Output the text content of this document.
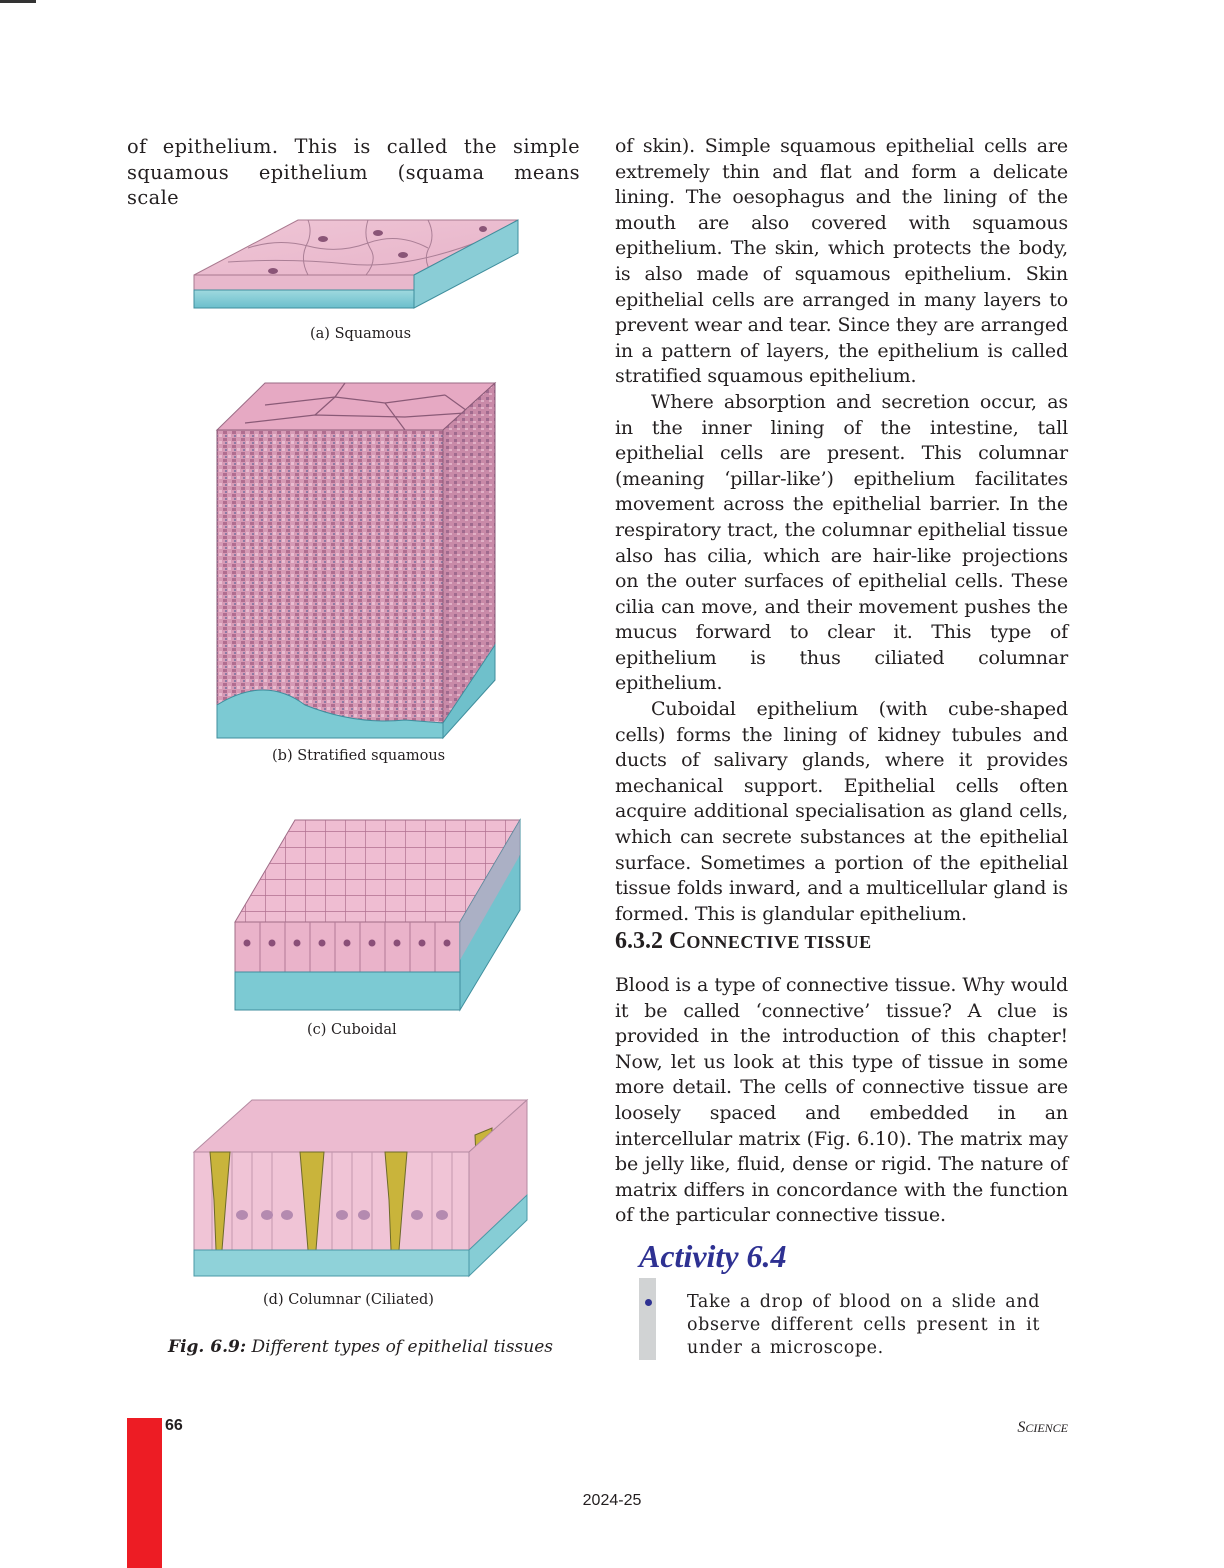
of epithelium. This is called the simple squamous epithelium (squama means scale

(a) Squamous
(b) Stratified squamous
(c) Cuboidal
(d) Columnar (Ciliated)
Fig. 6.9: Different types of epithelial tissues

of skin). Simple squamous epithelial cells are extremely thin and flat and form a delicate lining. The oesophagus and the lining of the mouth are also covered with squamous epithelium. The skin, which protects the body, is also made of squamous epithelium. Skin epithelial cells are arranged in many layers to prevent wear and tear. Since they are arranged in a pattern of layers, the epithelium is called stratified squamous epithelium.

Where absorption and secretion occur, as in the inner lining of the intestine, tall epithelial cells are present. This columnar (meaning ‘pillar-like’) epithelium facilitates movement across the epithelial barrier. In the respiratory tract, the columnar epithelial tissue also has cilia, which are hair-like projections on the outer surfaces of epithelial cells. These cilia can move, and their movement pushes the mucus forward to clear it. This type of epithelium is thus ciliated columnar epithelium.

Cuboidal epithelium (with cube-shaped cells) forms the lining of kidney tubules and ducts of salivary glands, where it provides mechanical support. Epithelial cells often acquire additional specialisation as gland cells, which can secrete substances at the epithelial surface. Sometimes a portion of the epithelial tissue folds inward, and a multicellular gland is formed. This is glandular epithelium.

6.3.2 CONNECTIVE TISSUE

Blood is a type of connective tissue. Why would it be called ‘connective’ tissue? A clue is provided in the introduction of this chapter! Now, let us look at this type of tissue in some more detail. The cells of connective tissue are loosely spaced and embedded in an intercellular matrix (Fig. 6.10). The matrix may be jelly like, fluid, dense or rigid. The nature of matrix differs in concordance with the function of the particular connective tissue.

Activity 6.4
Take a drop of blood on a slide and observe different cells present in it under a microscope.
66	SCIENCE
2024-25
